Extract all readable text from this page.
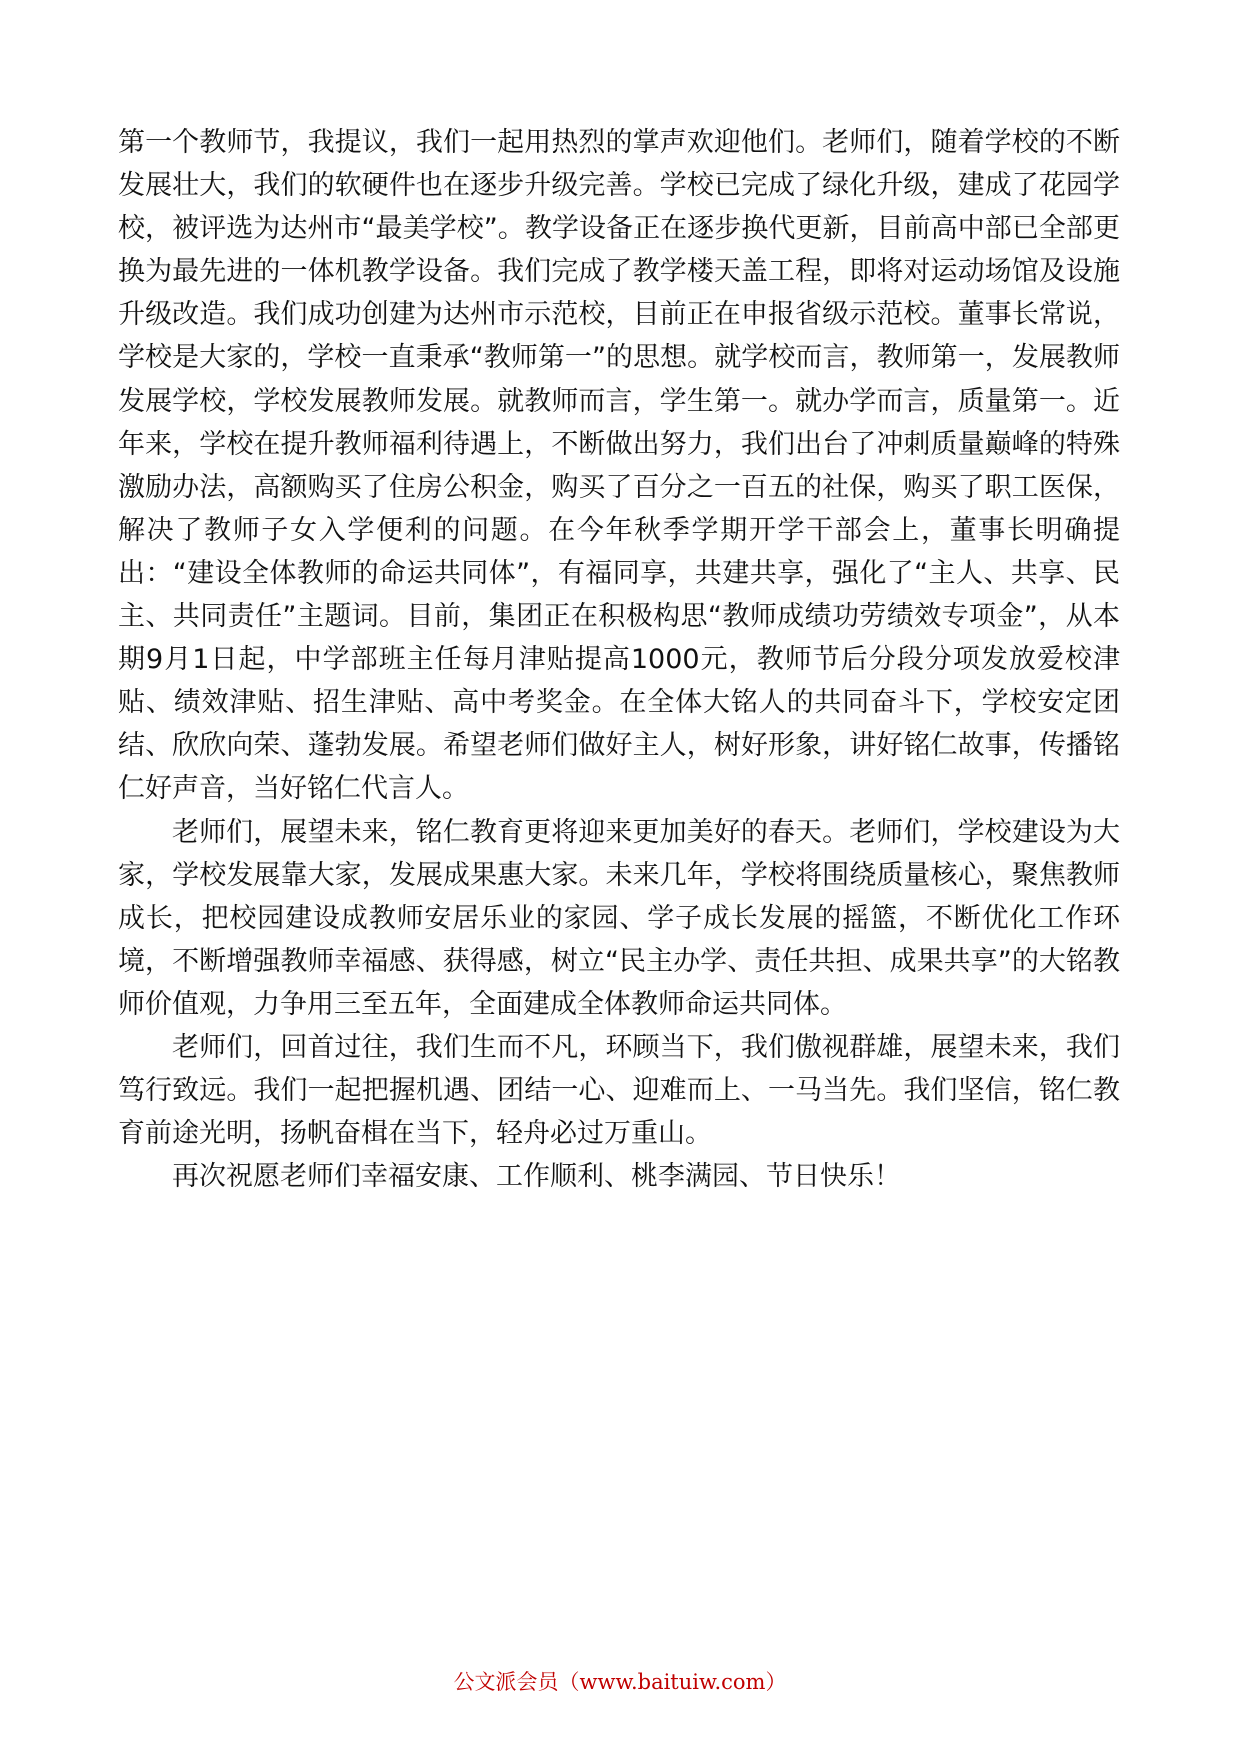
第一个教师节，我提议，我们一起用热烈的掌声欢迎他们。老师们，随着学校的不断发展壮大，我们的软硬件也在逐步升级完善。学校已完成了绿化升级，建成了花园学校，被评选为达州市“最美学校”。教学设备正在逐步换代更新，目前高中部已全部更换为最先进的一体机教学设备。我们完成了教学楼天盖工程，即将对运动场馆及设施升级改造。我们成功创建为达州市示范校，目前正在申报省级示范校。董事长常说，学校是大家的，学校一直秉承“教师第一”的思想。就学校而言，教师第一，发展教师发展学校，学校发展教师发展。就教师而言，学生第一。就办学而言，质量第一。近年来，学校在提升教师福利待遇上，不断做出努力，我们出台了冲刺质量巅峰的特殊激励办法，高额购买了住房公积金，购买了百分之一百五的社保，购买了职工医保，解决了教师子女入学便利的问题。在今年秋季学期开学干部会上，董事长明确提出：“建设全体教师的命运共同体”，有福同享，共建共享，强化了“主人、共享、民主、共同责任”主题词。目前，集团正在积极构思“教师成绩功劳绩效专项金”，从本期9月1日起，中学部班主任每月津贴提高1000元，教师节后分段分项发放爱校津贴、绩效津贴、招生津贴、高中考奖金。在全体大铭人的共同奋斗下，学校安定团结、欣欣向荣、蓬勃发展。希望老师们做好主人，树好形象，讲好铭仁故事，传播铭仁好声音，当好铭仁代言人。

老师们，展望未来，铭仁教育更将迎来更加美好的春天。老师们，学校建设为大家，学校发展靠大家，发展成果惠大家。未来几年，学校将围绕质量核心，聚焦教师成长，把校园建设成教师安居乐业的家园、学子成长发展的摇篮，不断优化工作环境，不断增强教师幸福感、获得感，树立“民主办学、责任共担、成果共享”的大铭教师价值观，力争用三至五年，全面建成全体教师命运共同体。

老师们，回首过往，我们生而不凡，环顾当下，我们傲视群雄，展望未来，我们笃行致远。我们一起把握机遇、团结一心、迎难而上、一马当先。我们坚信，铭仁教育前途光明，扬帆奋楫在当下，轻舟必过万重山。

再次祝愿老师们幸福安康、工作顺利、桃李满园、节日快乐！

公文派会员（www.baituiw.com）
